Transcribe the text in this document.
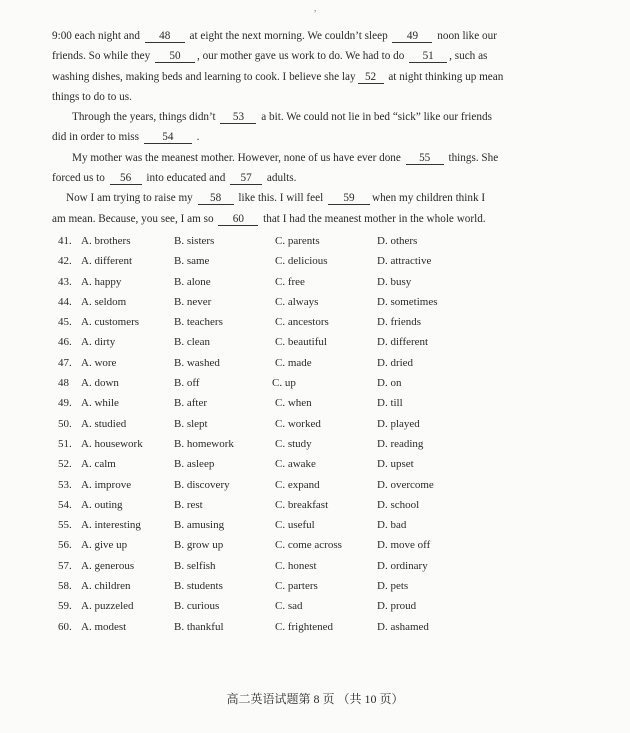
,
9:00 each night and 48 at eight the next morning. We couldn’t sleep 49 noon like our
friends. So while they 50 , our mother gave us work to do. We had to do 51 , such as
washing dishes, making beds and learning to cook. I believe she lay 52 at night thinking up mean
things to do to us.
Through the years, things didn’t 53 a bit. We could not lie in bed “sick” like our friends
did in order to miss 54 .
My mother was the meanest mother. However, none of us have ever done 55 things. She
forced us to 56 into educated and 57 adults.
Now I am trying to raise my 58 like this. I will feel 59 when my children think I
am mean. Because, you see, I am so 60 that I had the meanest mother in the whole world.
41. A. brothers	B. sisters	C. parents	D. others
42. A. different	B. same	C. delicious	D. attractive
43. A. happy	B. alone	C. free	D. busy
44. A. seldom	B. never	C. always	D. sometimes
45. A. customers	B. teachers	C. ancestors	D. friends
46. A. dirty	B. clean	C. beautiful	D. different
47. A. wore	B. washed	C. made	D. dried
48 A. down	B. off	C. up	D. on
49. A. while	B. after	C. when	D. till
50. A. studied	B. slept	C. worked	D. played
51. A. housework	B. homework	C. study	D. reading
52. A. calm	B. asleep	C. awake	D. upset
53. A. improve	B. discovery	C. expand	D. overcome
54. A. outing	B. rest	C. breakfast	D. school
55. A. interesting	B. amusing	C. useful	D. bad
56. A. give up	B. grow up	C. come across	D. move off
57. A. generous	B. selfish	C. honest	D. ordinary
58. A. children	B. students	C. parters	D. pets
59. A. puzzeled	B. curious	C. sad	D. proud
60. A. modest	B. thankful	C. frightened	D. ashamed
高二英语试题第 8 页 （共 10 页）
